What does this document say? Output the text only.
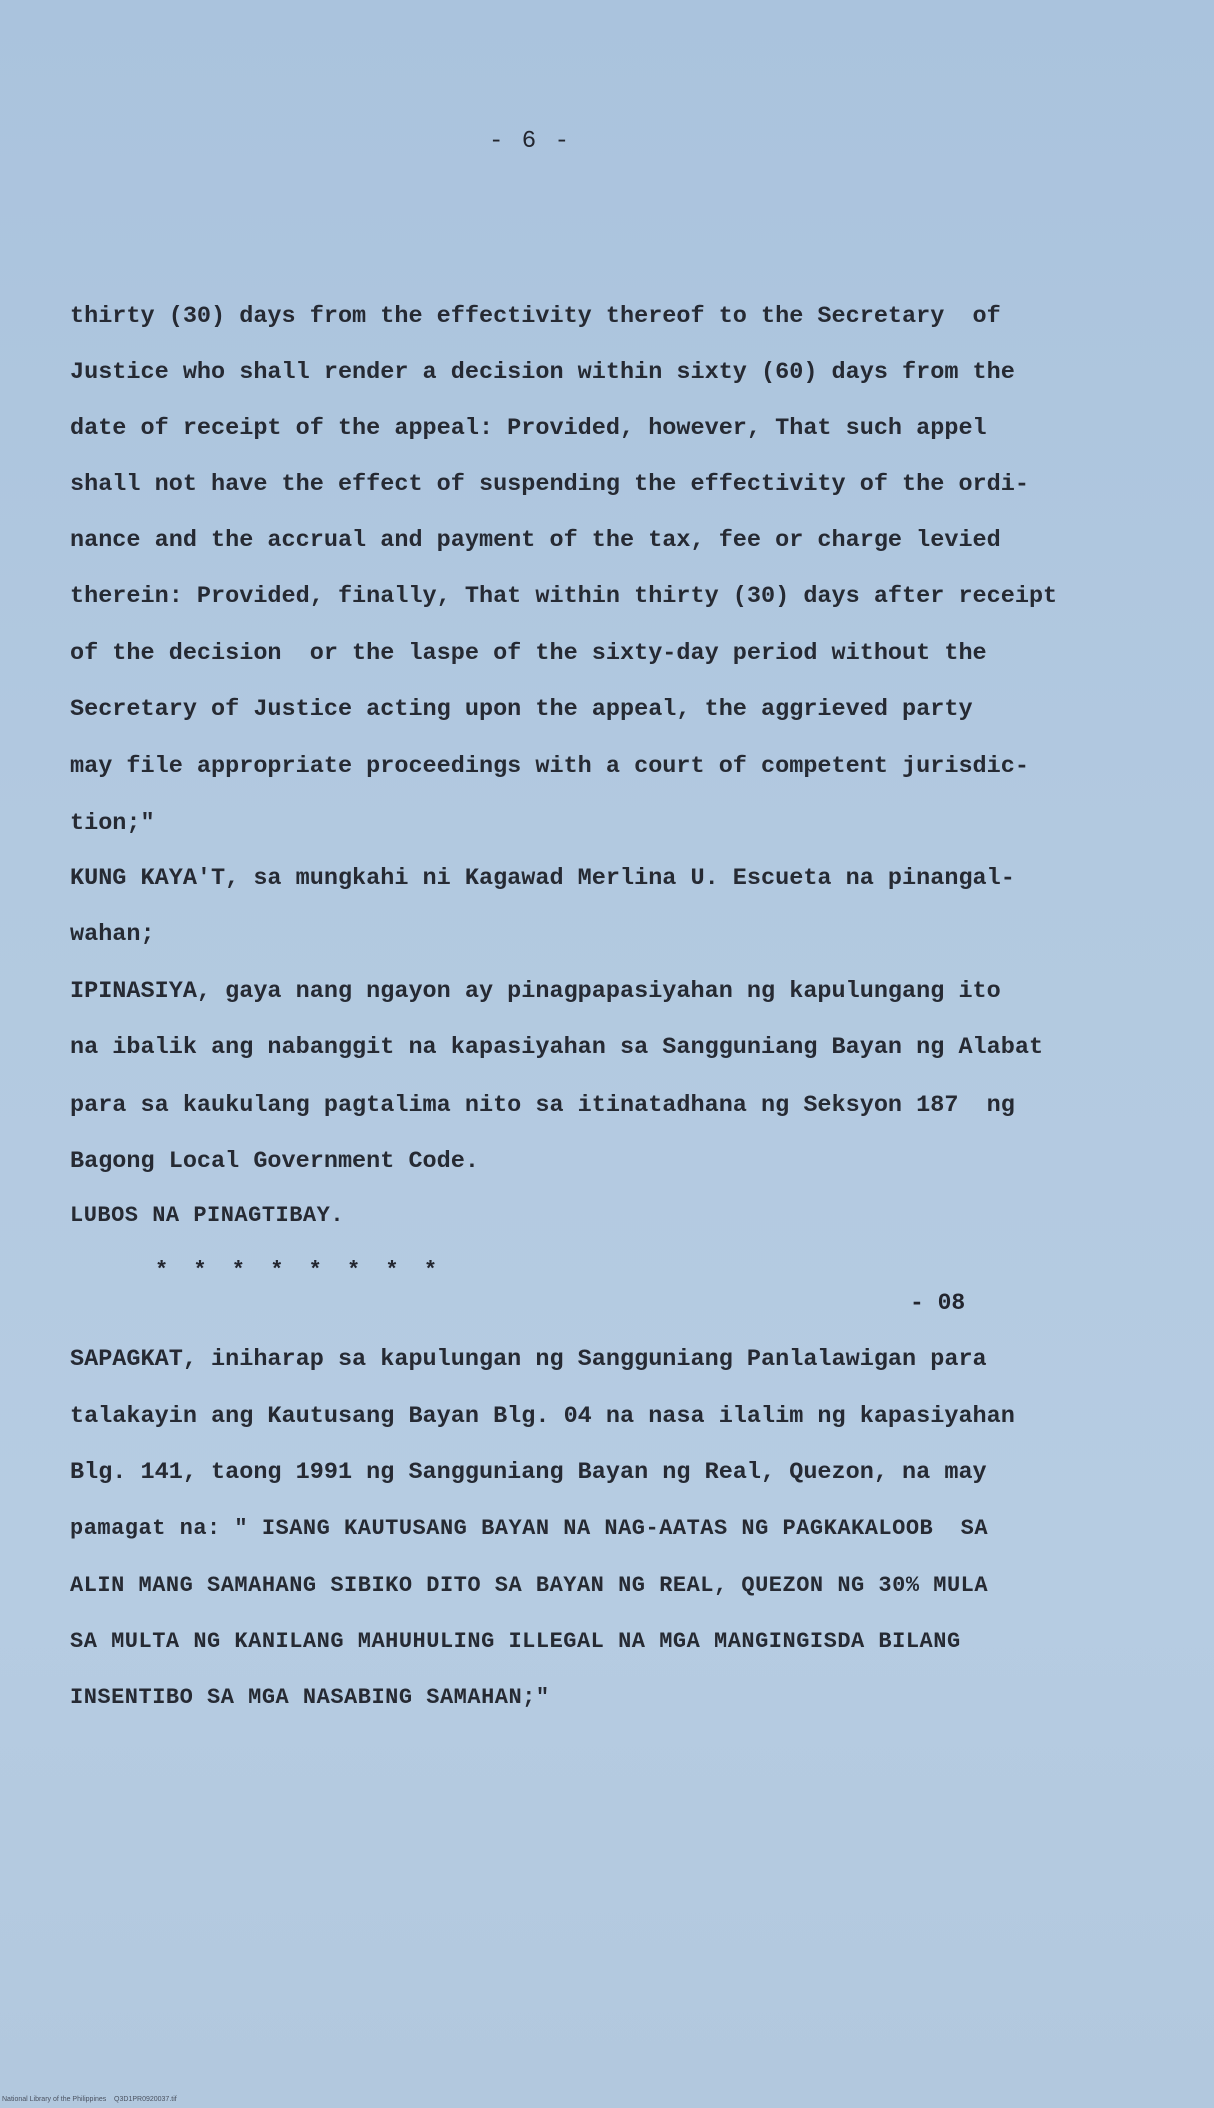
- 6 -
thirty (30) days from the effectivity thereof to the Secretary  of
Justice who shall render a decision within sixty (60) days from the
date of receipt of the appeal: Provided, however, That such appel
shall not have the effect of suspending the effectivity of the ordi-
nance and the accrual and payment of the tax, fee or charge levied
therein: Provided, finally, That within thirty (30) days after receipt
of the decision  or the laspe of the sixty-day period without the
Secretary of Justice acting upon the appeal, the aggrieved party
may file appropriate proceedings with a court of competent jurisdic-
tion;"
KUNG KAYA'T, sa mungkahi ni Kagawad Merlina U. Escueta na pinangal-
wahan;
IPINASIYA, gaya nang ngayon ay pinagpapasiyahan ng kapulungang ito
na ibalik ang nabanggit na kapasiyahan sa Sangguniang Bayan ng Alabat
para sa kaukulang pagtalima nito sa itinatadhana ng Seksyon 187  ng
Bagong Local Government Code.
LUBOS NA PINAGTIBAY.
* * * * * * * *
- 08
SAPAGKAT, iniharap sa kapulungan ng Sangguniang Panlalawigan para
talakayin ang Kautusang Bayan Blg. 04 na nasa ilalim ng kapasiyahan
Blg. 141, taong 1991 ng Sangguniang Bayan ng Real, Quezon, na may
pamagat na: " ISANG KAUTUSANG BAYAN NA NAG-AATAS NG PAGKAKALOOB  SA
ALIN MANG SAMAHANG SIBIKO DITO SA BAYAN NG REAL, QUEZON NG 30% MULA
SA MULTA NG KANILANG MAHUHULING ILLEGAL NA MGA MANGINGISDA BILANG
INSENTIBO SA MGA NASABING SAMAHAN;"
National Library of the Philippines    Q3D1PR0920037.tif
